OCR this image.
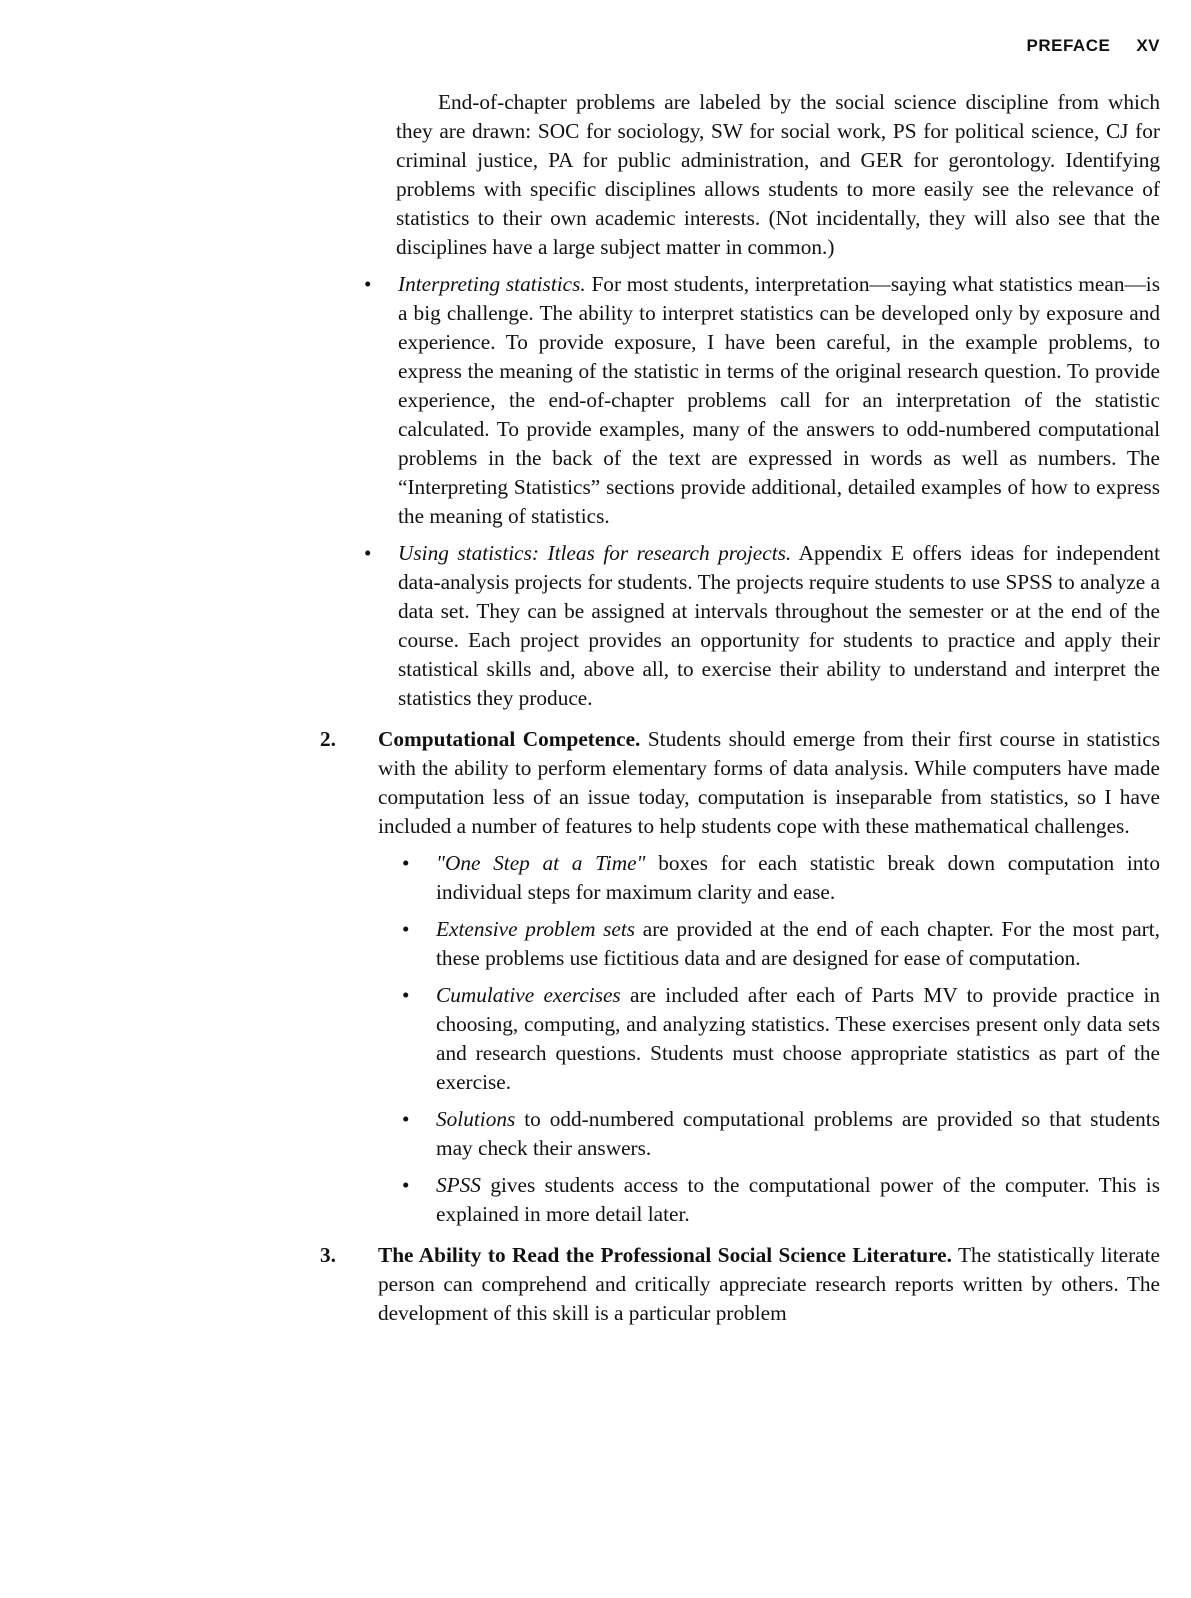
PREFACE XV

End-of-chapter problems are labeled by the social science discipline from which they are drawn: SOC for sociology, SW for social work, PS for political science, CJ for criminal justice, PA for public administration, and GER for gerontology. Identifying problems with specific disciplines allows students to more easily see the relevance of statistics to their own academic interests. (Not incidentally, they will also see that the disciplines have a large subject matter in common.)

• Interpreting statistics. For most students, interpretation—saying what statistics mean—is a big challenge. The ability to interpret statistics can be developed only by exposure and experience. To provide exposure, I have been careful, in the example problems, to express the meaning of the statistic in terms of the original research question. To provide experience, the end-of-chapter problems call for an interpretation of the statistic calculated. To provide examples, many of the answers to odd-numbered computational problems in the back of the text are expressed in words as well as numbers. The “Interpreting Statistics” sections provide additional, detailed examples of how to express the meaning of statistics.
• Using statistics: Itleas for research projects. Appendix E offers ideas for independent data-analysis projects for students. The projects require students to use SPSS to analyze a data set. They can be assigned at intervals throughout the semester or at the end of the course. Each project provides an opportunity for students to practice and apply their statistical skills and, above all, to exercise their ability to understand and interpret the statistics they produce.
2. Computational Competence. Students should emerge from their first course in statistics with the ability to perform elementary forms of data analysis. While computers have made computation less of an issue today, computation is inseparable from statistics, so I have included a number of features to help students cope with these mathematical challenges.
• "One Step at a Time" boxes for each statistic break down computation into individual steps for maximum clarity and ease.
• Extensive problem sets are provided at the end of each chapter. For the most part, these problems use fictitious data and are designed for ease of computation.
• Cumulative exercises are included after each of Parts MV to provide practice in choosing, computing, and analyzing statistics. These exercises present only data sets and research questions. Students must choose appropriate statistics as part of the exercise.
• Solutions to odd-numbered computational problems are provided so that students may check their answers.
• SPSS gives students access to the computational power of the computer. This is explained in more detail later.
3. The Ability to Read the Professional Social Science Literature. The statistically literate person can comprehend and critically appreciate research reports written by others. The development of this skill is a particular problem
